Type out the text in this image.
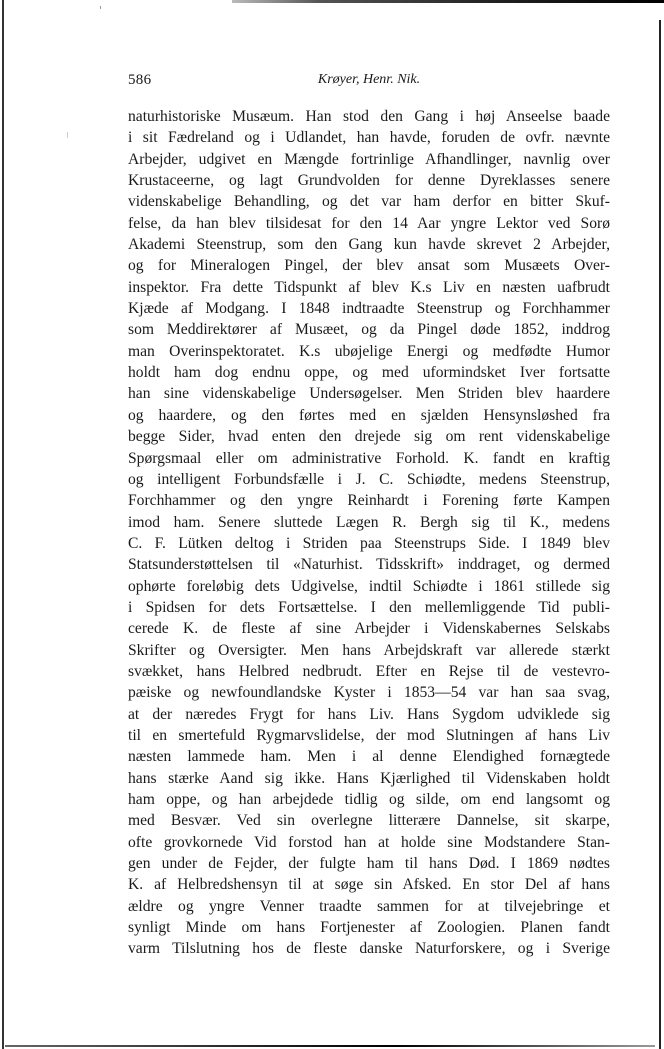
586	Krøyer, Henr. Nik.
naturhistoriske Musæum. Han stod den Gang i høj Anseelse baade
i sit Fædreland og i Udlandet, han havde, foruden de ovfr. nævnte
Arbejder, udgivet en Mængde fortrinlige Afhandlinger, navnlig over
Krustaceerne, og lagt Grundvolden for denne Dyreklasses senere
videnskabelige Behandling, og det var ham derfor en bitter Skuf-
felse, da han blev tilsidesat for den 14 Aar yngre Lektor ved Sorø
Akademi Steenstrup, som den Gang kun havde skrevet 2 Arbejder,
og for Mineralogen Pingel, der blev ansat som Musæets Over-
inspektor. Fra dette Tidspunkt af blev K.s Liv en næsten uafbrudt
Kjæde af Modgang. I 1848 indtraadte Steenstrup og Forchhammer
som Meddirektører af Musæet, og da Pingel døde 1852, inddrog
man Overinspektoratet. K.s ubøjelige Energi og medfødte Humor
holdt ham dog endnu oppe, og med uformindsket Iver fortsatte
han sine videnskabelige Undersøgelser. Men Striden blev haardere
og haardere, og den førtes med en sjælden Hensynsløshed fra
begge Sider, hvad enten den drejede sig om rent videnskabelige
Spørgsmaal eller om administrative Forhold. K. fandt en kraftig
og intelligent Forbundsfælle i J. C. Schiødte, medens Steenstrup,
Forchhammer og den yngre Reinhardt i Forening førte Kampen
imod ham. Senere sluttede Lægen R. Bergh sig til K., medens
C. F. Lütken deltog i Striden paa Steenstrups Side. I 1849 blev
Statsunderstøttelsen til «Naturhist. Tidsskrift» inddraget, og dermed
ophørte foreløbig dets Udgivelse, indtil Schiødte i 1861 stillede sig
i Spidsen for dets Fortsættelse. I den mellemliggende Tid publi-
cerede K. de fleste af sine Arbejder i Videnskabernes Selskabs
Skrifter og Oversigter. Men hans Arbejdskraft var allerede stærkt
svækket, hans Helbred nedbrudt. Efter en Rejse til de vestevro-
pæiske og newfoundlandske Kyster i 1853—54 var han saa svag,
at der næredes Frygt for hans Liv. Hans Sygdom udviklede sig
til en smertefuld Rygmarvslidelse, der mod Slutningen af hans Liv
næsten lammede ham. Men i al denne Elendighed fornægtede
hans stærke Aand sig ikke. Hans Kjærlighed til Videnskaben holdt
ham oppe, og han arbejdede tidlig og silde, om end langsomt og
med Besvær. Ved sin overlegne litterære Dannelse, sit skarpe,
ofte grovkornede Vid forstod han at holde sine Modstandere Stan-
gen under de Fejder, der fulgte ham til hans Død. I 1869 nødtes
K. af Helbredshensyn til at søge sin Afsked. En stor Del af hans
ældre og yngre Venner traadte sammen for at tilvejebringe et
synligt Minde om hans Fortjenester af Zoologien. Planen fandt
varm Tilslutning hos de fleste danske Naturforskere, og i Sverige
